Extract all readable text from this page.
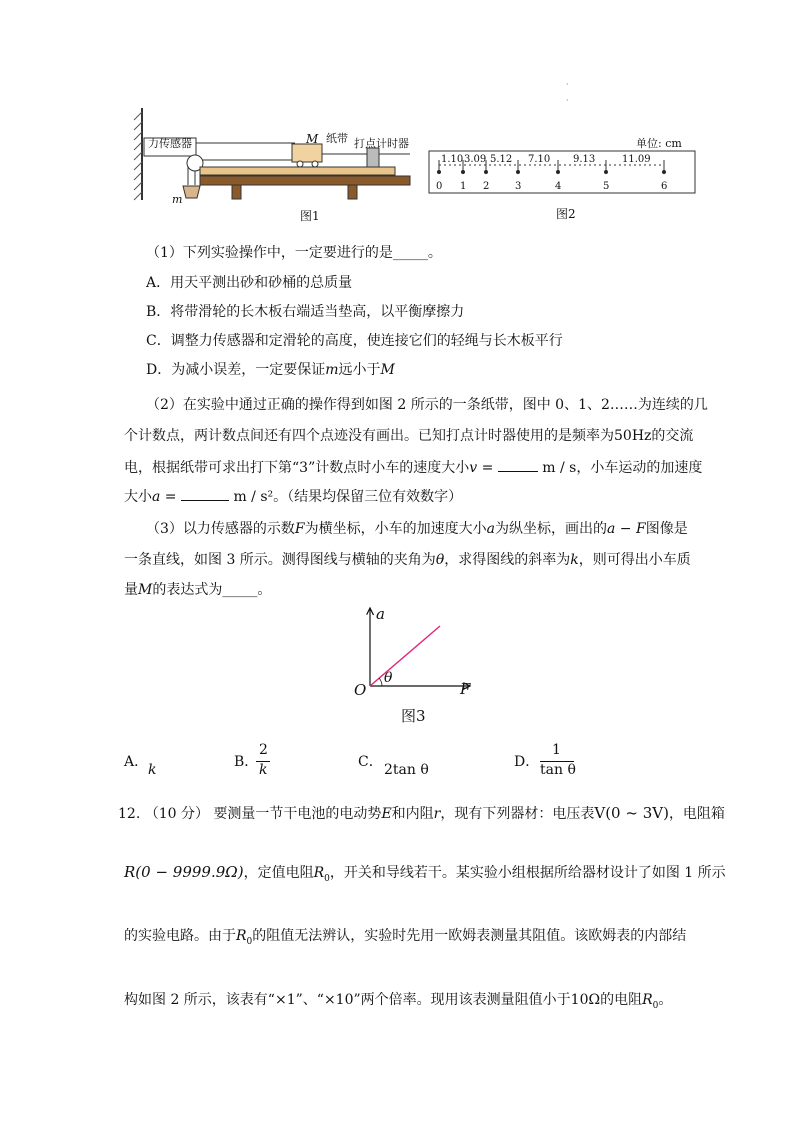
·
·
力传感器	M 纸带 打点计时器
m
图1
单位: cm
1.10 3.09 5.12 7.10 9.13	11.09
0 1 2	3	4	5	6
图2
（1）下列实验操作中，一定要进行的是_____。
A．用天平测出砂和砂桶的总质量
B．将带滑轮的长木板右端适当垫高，以平衡摩擦力
C．调整力传感器和定滑轮的高度，使连接它们的轻绳与长木板平行
D．为减小误差，一定要保证m远小于M
（2）在实验中通过正确的操作得到如图 2 所示的一条纸带，图中 0、1、2……为连续的几
个计数点，两计数点间还有四个点迹没有画出。已知打点计时器使用的是频率为50Hz的交流
电，根据纸带可求出打下第“3”计数点时小车的速度大小v =	m / s，小车运动的加速度
大小a =	m / s²。（结果均保留三位有效数字）
（3）以力传感器的示数F为横坐标，小车的加速度大小a为纵坐标，画出的a − F图像是
一条直线，如图 3 所示。测得图线与横轴的夹角为θ，求得图线的斜率为k，则可得出小车质
量M的表达式为_____。
a
F
O
θ
图3
A． k	B．
2
k	C． 2tan θ	D．
1
tan θ
12. （10 分） 要测量一节干电池的电动势E和内阻r，现有下列器材：电压表V(0 ~ 3V)，电阻箱
R(0 − 9999.9Ω)，定值电阻$R_0$，开关和导线若干。某实验小组根据所给器材设计了如图 1 所示
的实验电路。由于$R_0$的阻值无法辨认，实验时先用一欧姆表测量其阻值。该欧姆表的内部结
构如图 2 所示，该表有“×1”、“×10”两个倍率。现用该表测量阻值小于10Ω的电阻$R_0$。
